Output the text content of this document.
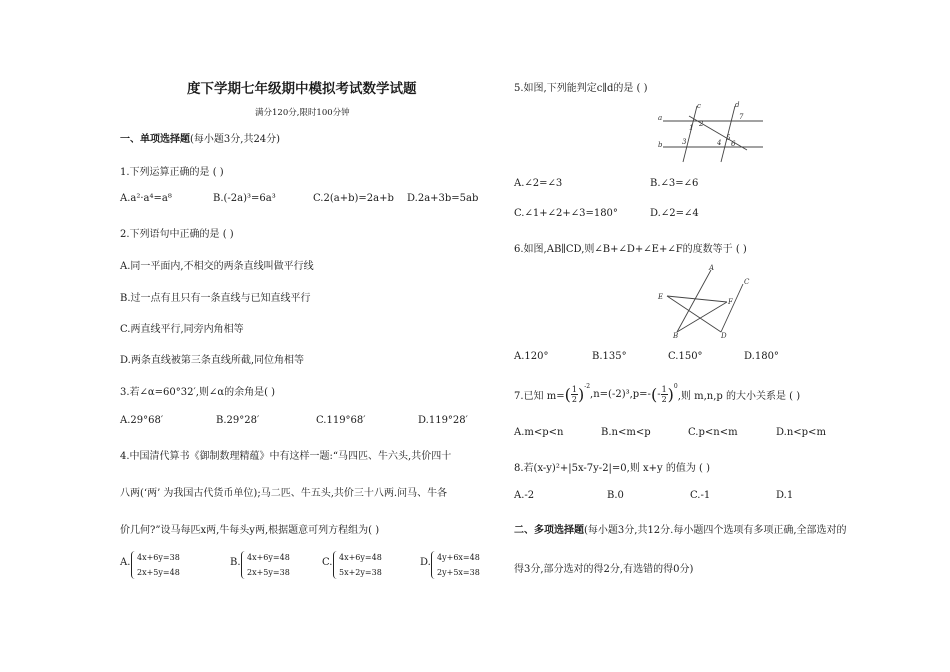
度下学期七年级期中模拟考试数学试题
满分120分,限时100分钟
一、单项选择题(每小题3分,共24分)
1.下列运算正确的是 ( )
A.a²·a⁴=a⁸	B.(-2a)³=6a³	C.2(a+b)=2a+b D.2a+3b=5ab
2.下列语句中正确的是 ( )
A.同一平面内,不相交的两条直线叫做平行线
B.过一点有且只有一条直线与已知直线平行
C.两直线平行,同旁内角相等
D.两条直线被第三条直线所截,同位角相等
3.若∠α=60°32′,则∠α的余角是( )
A.29°68′	B.29°28′	C.119°68′	D.119°28′
4.中国清代算书《御制数理精蕴》中有这样一题:“马四匹、牛六头,共价四十
八两(‘两’ 为我国古代货币单位);马二匹、牛五头,共价三十八两.问马、牛各
价几何?”设马每匹x两,牛每头y两,根据题意可列方程组为( )
A. 4x+6y=38
2x+5y=48
B. 4x+6y=48
2x+5y=38
C. 4x+6y=48
5x+2y=38
D. 4y+6x=48
2y+5x=38
5.如图,下列能判定c∥d的是 ( )
a
b
c	d
1 2
3	4
5
6
7
A.∠2=∠3	B.∠3=∠6
C.∠1+∠2+∠3=180°	D.∠2=∠4
6.如图,AB∥CD,则∠B+∠D+∠E+∠F的度数等于 ( )
A
B
C
D
E
F
A.120°	B.135°	C.150°	D.180°
7.已知 m= ( $\frac{1}{2} )^{-2}$
,n=(-2)³,p=- ( - $\frac{1}{2} )^0$
,则 m,n,p 的大小关系是 ( )
A.m<p<n	B.n<m<p	C.p<n<m	D.n<p<m
8.若(x-y)²+|5x-7y-2|=0,则 x+y 的值为 ( )
A.-2	B.0	C.-1	D.1
二、多项选择题(每小题3分,共12分.每小题四个选项有多项正确,全部选对的
得3分,部分选对的得2分,有选错的得0分)
